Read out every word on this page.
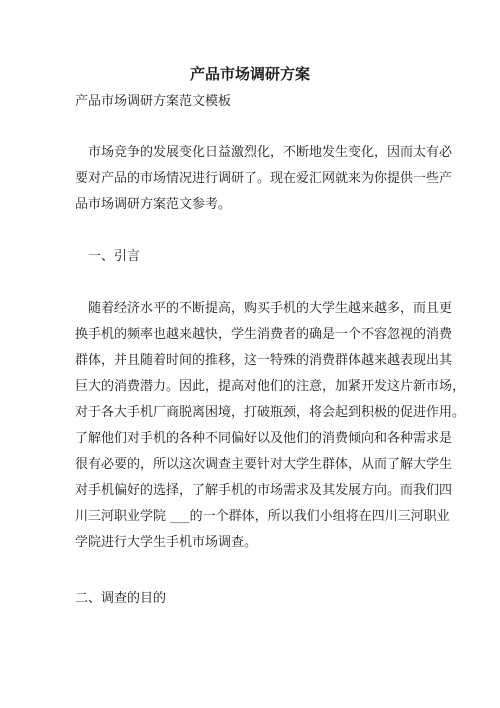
产品市场调研方案
产品市场调研方案范文模板
　市场竞争的发展变化日益激烈化，不断地发生变化，因而太有必
要对产品的市场情况进行调研了。现在爱汇网就来为你提供一些产
品市场调研方案范文参考。
　一、引言
　随着经济水平的不断提高，购买手机的大学生越来越多，而且更
换手机的频率也越来越快，学生消费者的确是一个不容忽视的消费
群体，并且随着时间的推移，这一特殊的消费群体越来越表现出其
巨大的消费潜力。因此，提高对他们的注意，加紧开发这片新市场，
对于各大手机厂商脱离困境，打破瓶颈，将会起到积极的促进作用。
了解他们对手机的各种不同偏好以及他们的消费倾向和各种需求是
很有必要的，所以这次调查主要针对大学生群体，从而了解大学生
对手机偏好的选择，了解手机的市场需求及其发展方向。而我们四
川三河职业学院 ___的一个群体，所以我们小组将在四川三河职业
学院进行大学生手机市场调查。
二、调查的目的
